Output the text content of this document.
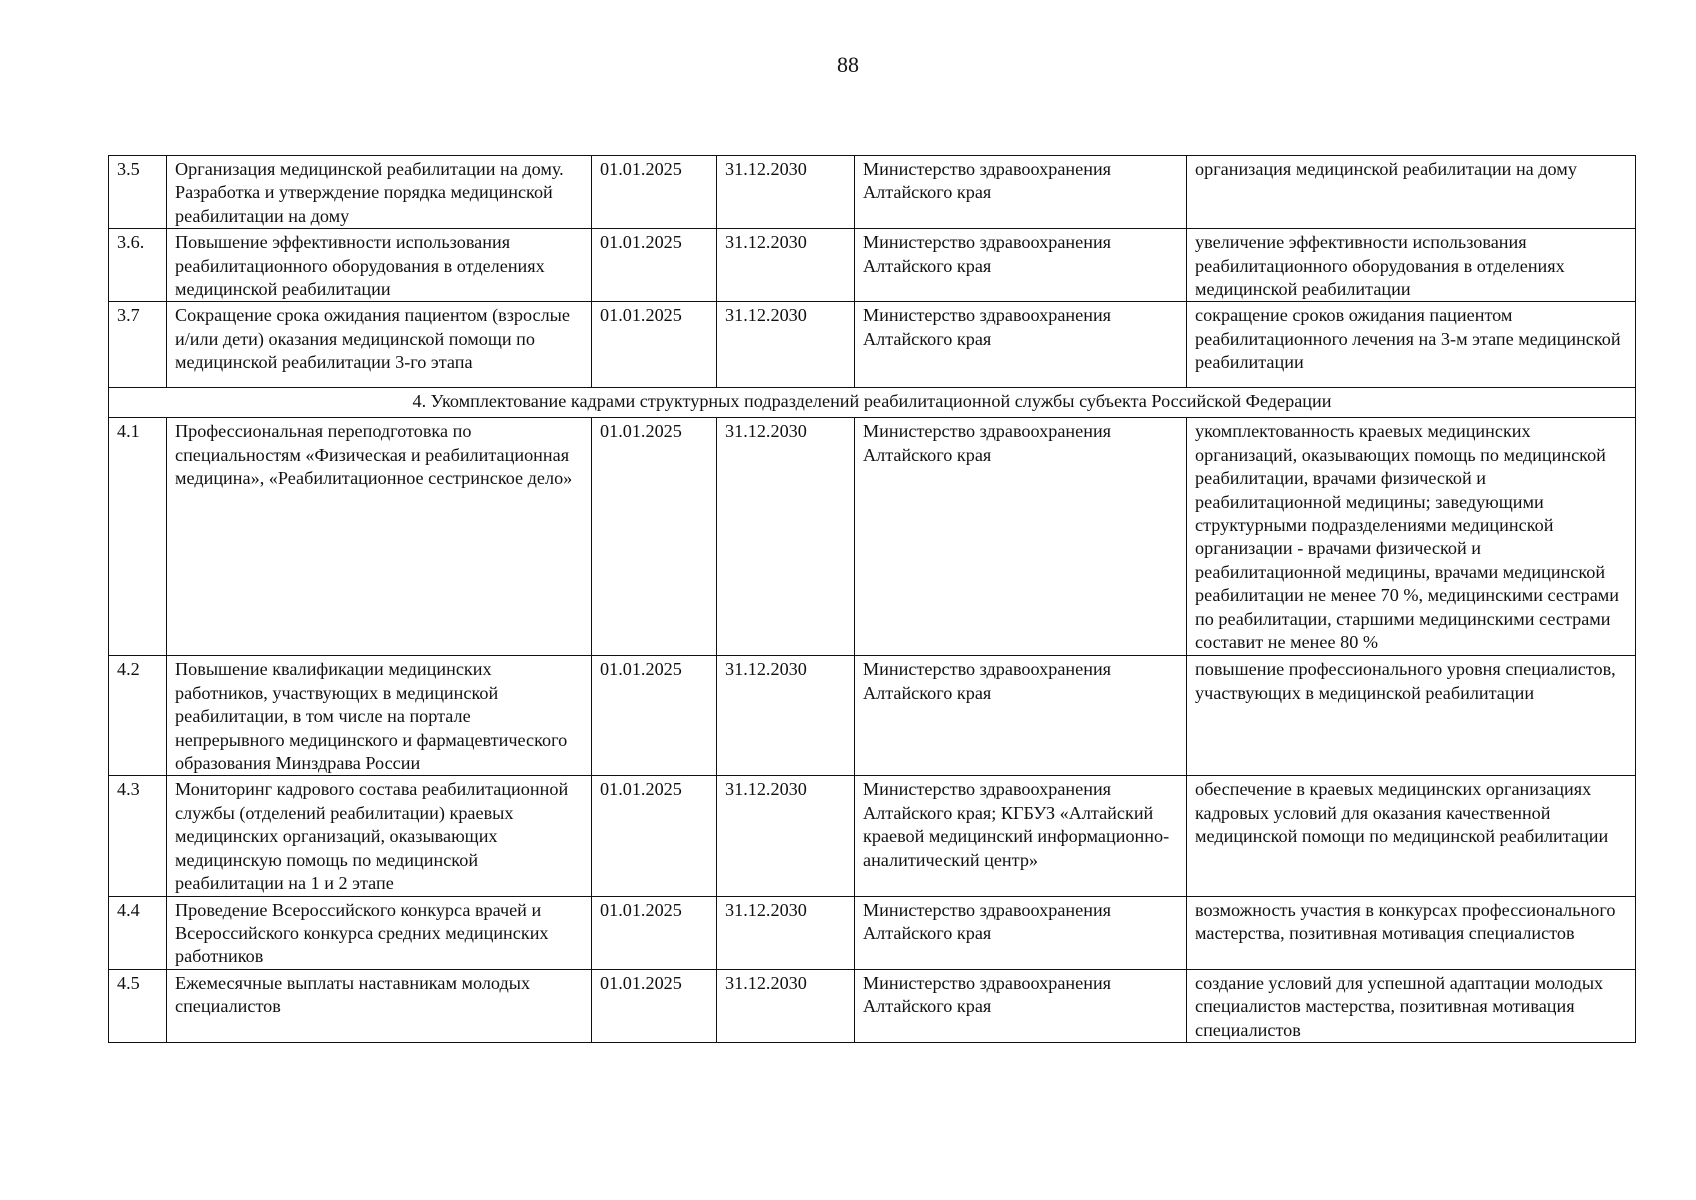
88
3.5	Организация медицинской реабилитации на дому. Разработка и утверждение порядка медицинской реабилитации на дому	01.01.2025	31.12.2030	Министерство здравоохранения Алтайского края	организация медицинской реабилитации на дому
3.6.	Повышение эффективности использования реабилитационного оборудования в отделениях медицинской реабилитации	01.01.2025	31.12.2030	Министерство здравоохранения Алтайского края	увеличение эффективности использования реабилитационного оборудования в отделениях медицинской реабилитации
3.7	Сокращение срока ожидания пациентом (взрослые и/или дети) оказания медицинской помощи по медицинской реабилитации 3-го этапа	01.01.2025	31.12.2030	Министерство здравоохранения Алтайского края	сокращение сроков ожидания пациентом реабилитационного лечения на 3-м этапе медицинской реабилитации
4. Укомплектование кадрами структурных подразделений реабилитационной службы субъекта Российской Федерации					
4.1	Профессиональная переподготовка по специальностям «Физическая и реабилитационная медицина», «Реабилитационное сестринское дело»	01.01.2025	31.12.2030	Министерство здравоохранения Алтайского края	укомплектованность краевых медицинских организаций, оказывающих помощь по медицинской реабилитации, врачами физической и реабилитационной медицины; заведующими структурными подразделениями медицинской организации - врачами физической и реабилитационной медицины, врачами медицинской реабилитации не менее 70 %, медицинскими сестрами по реабилитации, старшими медицинскими сестрами составит не менее 80 %
4.2	Повышение квалификации медицинских работников, участвующих в медицинской реабилитации, в том числе на портале непрерывного медицинского и фармацевтического образования Минздрава России	01.01.2025	31.12.2030	Министерство здравоохранения Алтайского края	повышение профессионального уровня специалистов, участвующих в медицинской реабилитации
4.3	Мониторинг кадрового состава реабилитационной службы (отделений реабилитации) краевых медицинских организаций, оказывающих медицинскую помощь по медицинской реабилитации на 1 и 2 этапе	01.01.2025	31.12.2030	Министерство здравоохранения Алтайского края; КГБУЗ «Алтайский краевой медицинский информационно-аналитический центр»	обеспечение в краевых медицинских организациях кадровых условий для оказания качественной медицинской помощи по медицинской реабилитации
4.4	Проведение Всероссийского конкурса врачей и Всероссийского конкурса средних медицинских работников	01.01.2025	31.12.2030	Министерство здравоохранения Алтайского края	возможность участия в конкурсах профессионального мастерства, позитивная мотивация специалистов
4.5	Ежемесячные выплаты наставникам молодых специалистов	01.01.2025	31.12.2030	Министерство здравоохранения Алтайского края	создание условий для успешной адаптации молодых специалистов мастерства, позитивная мотивация специалистов
